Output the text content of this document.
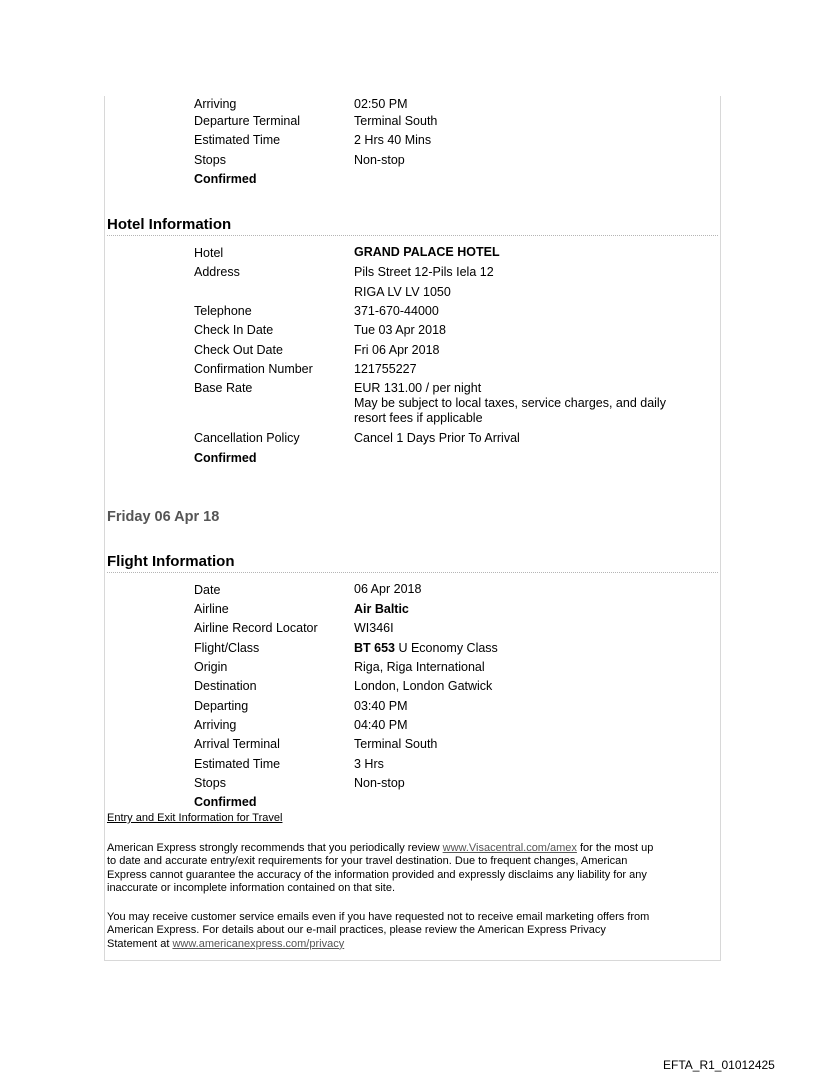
Arriving	02:50 PM
Departure Terminal	Terminal South
Estimated Time	2 Hrs 40 Mins
Stops	Non-stop
Confirmed
Hotel Information
Hotel	GRAND PALACE HOTEL
Address	Pils Street 12-Pils Iela 12
RIGA LV LV 1050
Telephone	371-670-44000
Check In Date	Tue 03 Apr 2018
Check Out Date	Fri 06 Apr 2018
Confirmation Number	121755227
Base Rate	EUR 131.00 / per night
May be subject to local taxes, service charges, and daily
resort fees if applicable
Cancellation Policy	Cancel 1 Days Prior To Arrival
Confirmed
Friday 06 Apr 18
Flight Information
Date	06 Apr 2018
Airline	Air Baltic
Airline Record Locator	WI346I
Flight/Class	BT 653 U Economy Class
Origin	Riga, Riga International
Destination	London, London Gatwick
Departing	03:40 PM
Arriving	04:40 PM
Arrival Terminal	Terminal South
Estimated Time	3 Hrs
Stops	Non-stop
Confirmed
Entry and Exit Information for Travel
American Express strongly recommends that you periodically review www.Visacentral.com/amex for the most up
to date and accurate entry/exit requirements for your travel destination. Due to frequent changes, American
Express cannot guarantee the accuracy of the information provided and expressly disclaims any liability for any
inaccurate or incomplete information contained on that site.
You may receive customer service emails even if you have requested not to receive email marketing offers from
American Express. For details about our e-mail practices, please review the American Express Privacy
Statement at www.americanexpress.com/privacy
EFTA_R1_01012425
